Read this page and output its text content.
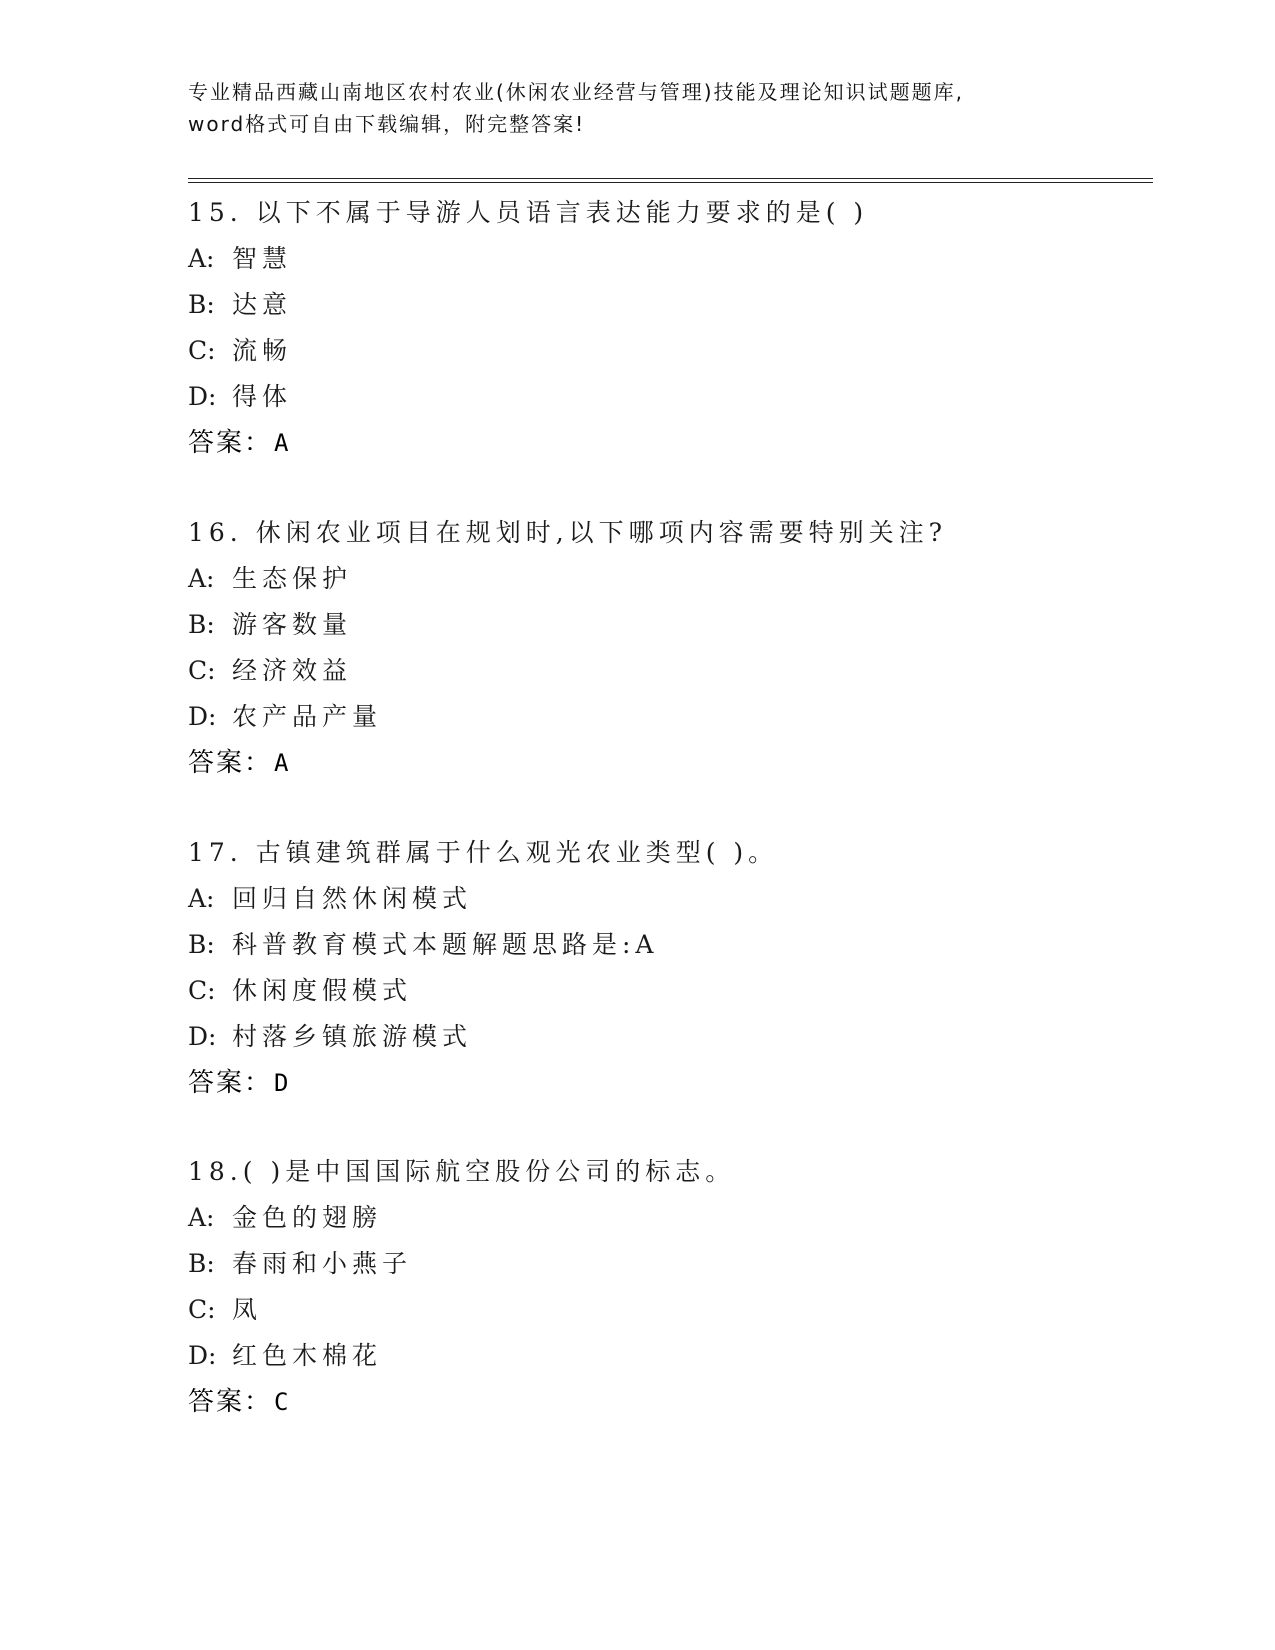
专业精品西藏山南地区农村农业(休闲农业经营与管理)技能及理论知识试题题库,
word格式可自由下载编辑，附完整答案!
15. 以下不属于导游人员语言表达能力要求的是( )
A: 智慧
B: 达意
C: 流畅
D: 得体
答案：A
16. 休闲农业项目在规划时,以下哪项内容需要特别关注?
A: 生态保护
B: 游客数量
C: 经济效益
D: 农产品产量
答案：A
17. 古镇建筑群属于什么观光农业类型( )。
A: 回归自然休闲模式
B: 科普教育模式本题解题思路是:A
C: 休闲度假模式
D: 村落乡镇旅游模式
答案：D
18.( )是中国国际航空股份公司的标志。
A: 金色的翅膀
B: 春雨和小燕子
C: 凤
D: 红色木棉花
答案：C
